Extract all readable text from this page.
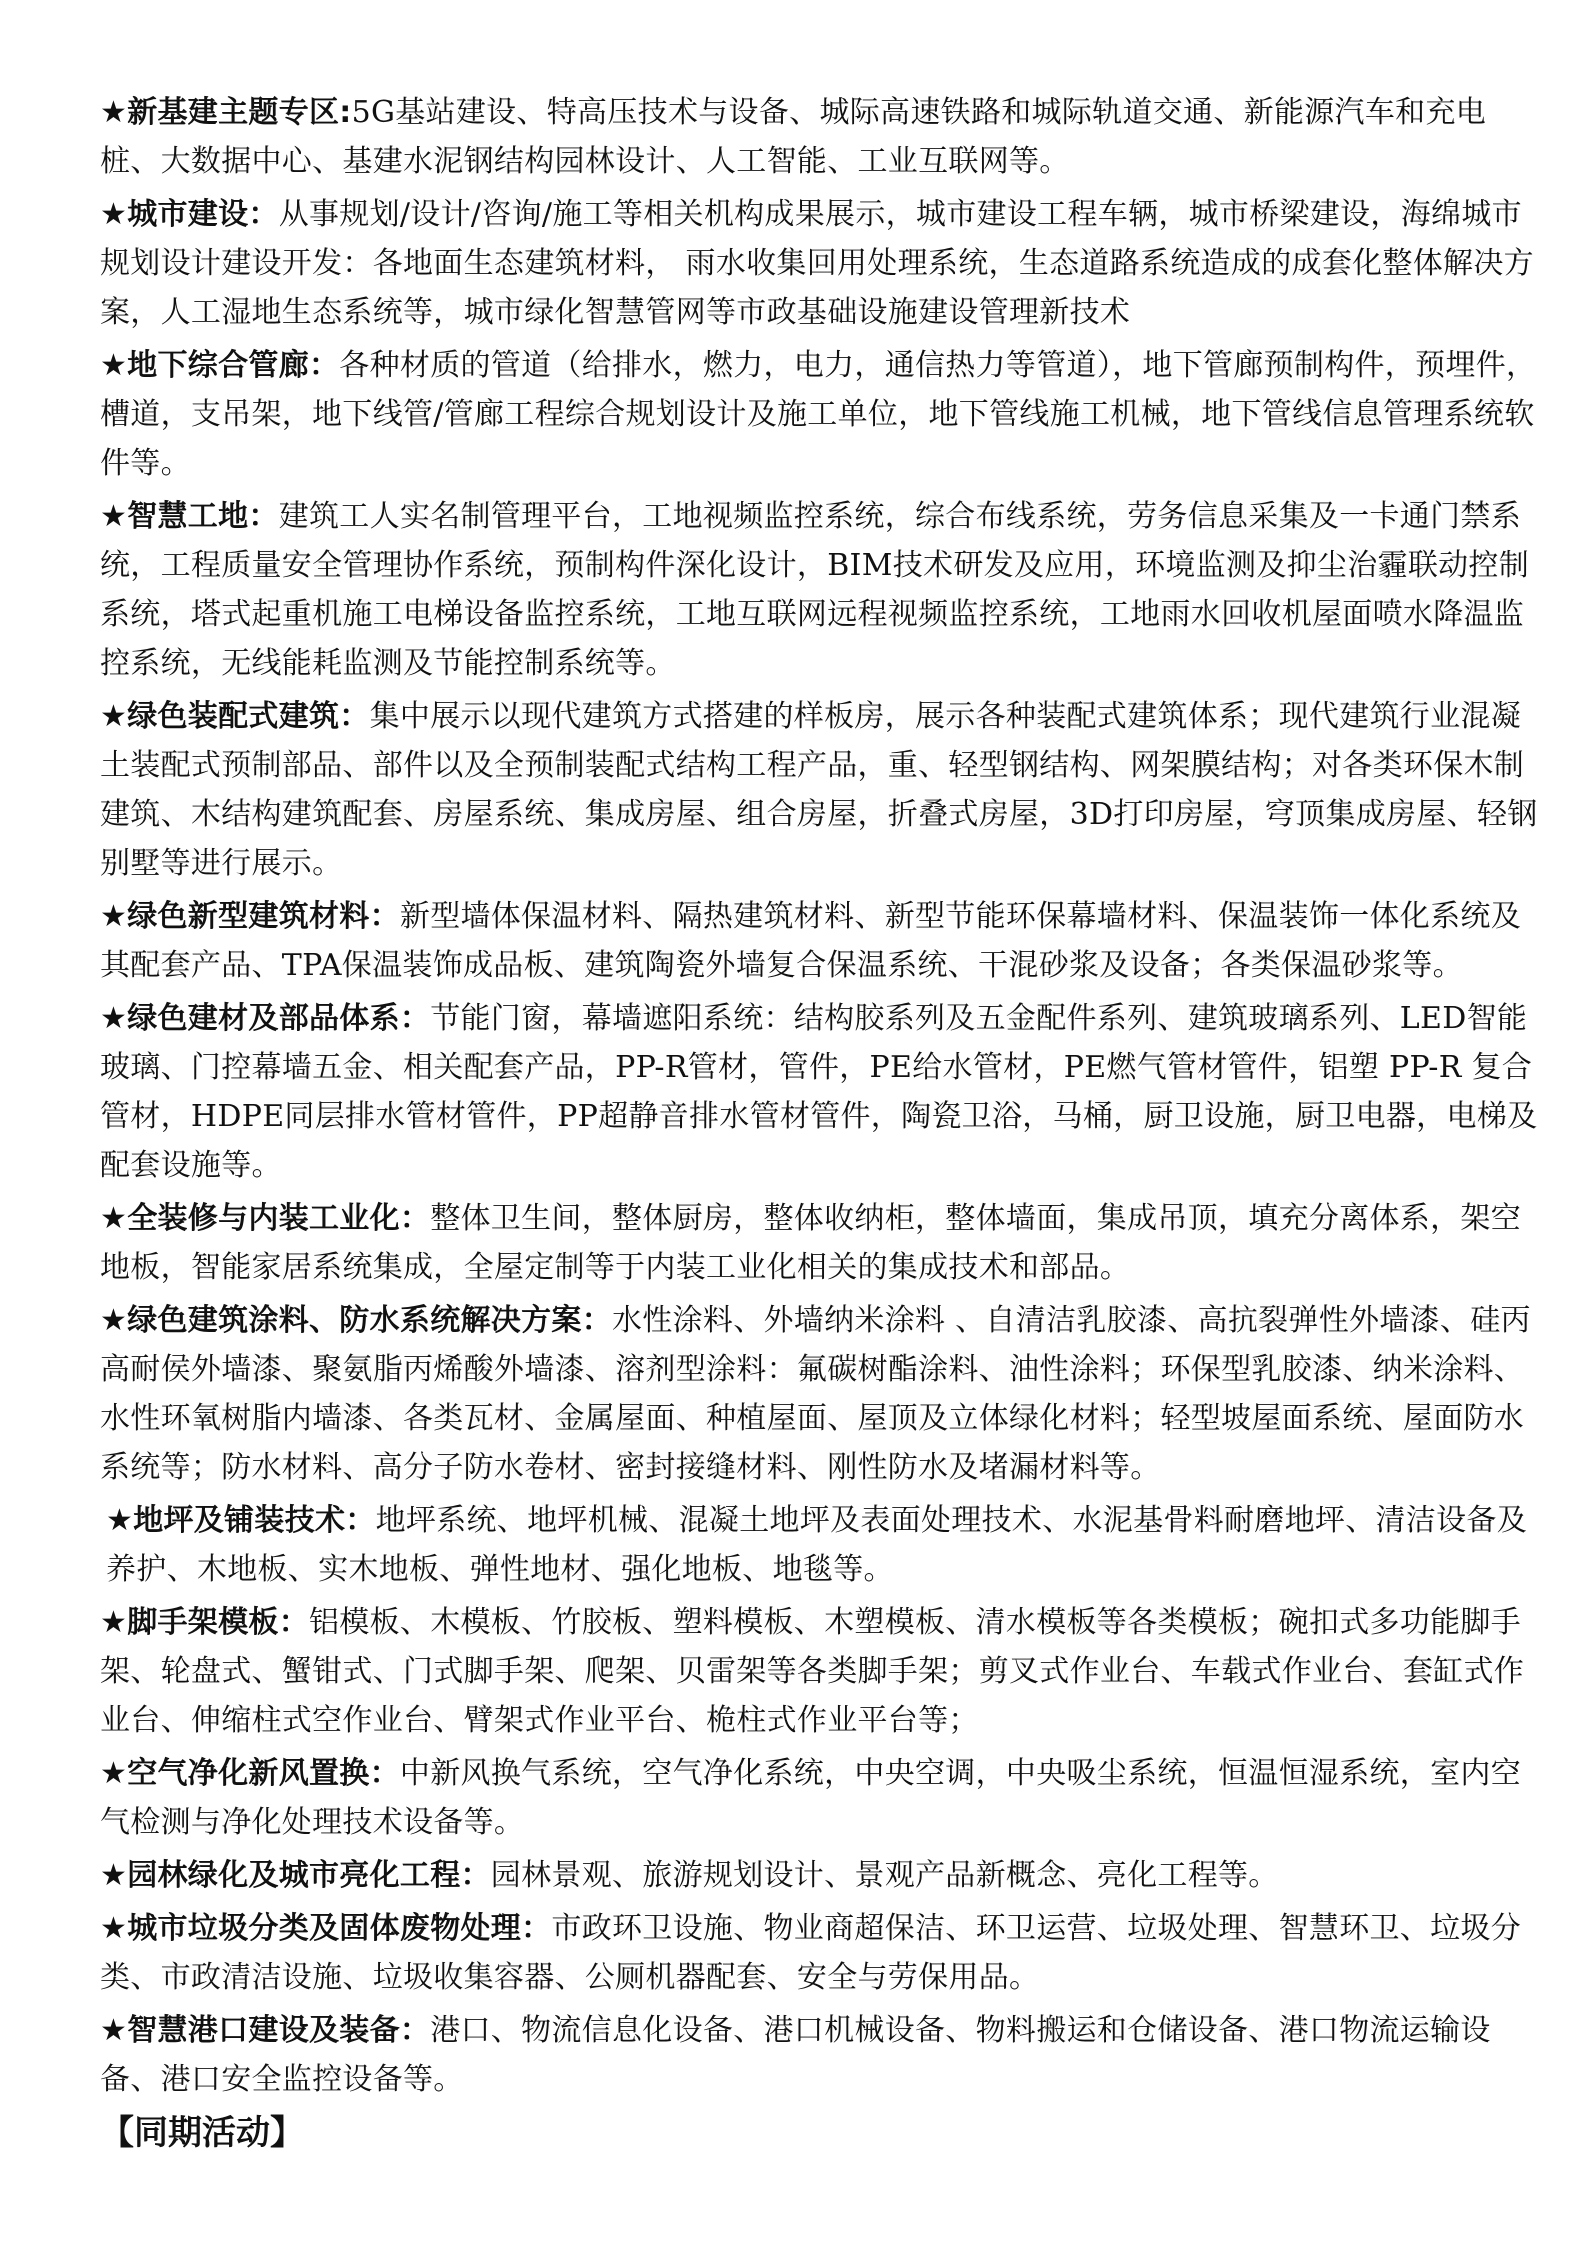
★新基建主题专区:5G基站建设、特高压技术与设备、城际高速铁路和城际轨道交通、新能源汽车和充电桩、大数据中心、基建水泥钢结构园林设计、人工智能、工业互联网等。

★城市建设：从事规划/设计/咨询/施工等相关机构成果展示，城市建设工程车辆，城市桥梁建设，海绵城市规划设计建设开发：各地面生态建筑材料， 雨水收集回用处理系统，生态道路系统造成的成套化整体解决方案，人工湿地生态系统等，城市绿化智慧管网等市政基础设施建设管理新技术

★地下综合管廊：各种材质的管道（给排水，燃力，电力，通信热力等管道），地下管廊预制构件，预埋件，槽道，支吊架，地下线管/管廊工程综合规划设计及施工单位，地下管线施工机械，地下管线信息管理系统软件等。

★智慧工地：建筑工人实名制管理平台，工地视频监控系统，综合布线系统，劳务信息采集及一卡通门禁系统，工程质量安全管理协作系统，预制构件深化设计，BIM技术研发及应用，环境监测及抑尘治霾联动控制系统，塔式起重机施工电梯设备监控系统，工地互联网远程视频监控系统，工地雨水回收机屋面喷水降温监控系统，无线能耗监测及节能控制系统等。

★绿色装配式建筑：集中展示以现代建筑方式搭建的样板房，展示各种装配式建筑体系；现代建筑行业混凝土装配式预制部品、部件以及全预制装配式结构工程产品，重、轻型钢结构、网架膜结构；对各类环保木制建筑、木结构建筑配套、房屋系统、集成房屋、组合房屋，折叠式房屋，3D打印房屋，穹顶集成房屋、轻钢别墅等进行展示。

★绿色新型建筑材料：新型墙体保温材料、隔热建筑材料、新型节能环保幕墙材料、保温装饰一体化系统及其配套产品、TPA保温装饰成品板、建筑陶瓷外墙复合保温系统、干混砂浆及设备；各类保温砂浆等。

★绿色建材及部品体系：节能门窗，幕墙遮阳系统：结构胶系列及五金配件系列、建筑玻璃系列、LED智能玻璃、门控幕墙五金、相关配套产品，PP-R管材，管件，PE给水管材，PE燃气管材管件，铝塑 PP-R 复合管材，HDPE同层排水管材管件，PP超静音排水管材管件，陶瓷卫浴，马桶，厨卫设施，厨卫电器，电梯及配套设施等。

★全装修与内装工业化：整体卫生间，整体厨房，整体收纳柜，整体墙面，集成吊顶，填充分离体系，架空地板，智能家居系统集成，全屋定制等于内装工业化相关的集成技术和部品。

★绿色建筑涂料、防水系统解决方案：水性涂料、外墙纳米涂料 、自清洁乳胶漆、高抗裂弹性外墙漆、硅丙高耐侯外墙漆、聚氨脂丙烯酸外墙漆、溶剂型涂料：氟碳树酯涂料、油性涂料；环保型乳胶漆、纳米涂料、水性环氧树脂内墙漆、各类瓦材、金属屋面、种植屋面、屋顶及立体绿化材料；轻型坡屋面系统、屋面防水系统等；防水材料、高分子防水卷材、密封接缝材料、刚性防水及堵漏材料等。

★地坪及铺装技术：地坪系统、地坪机械、混凝土地坪及表面处理技术、水泥基骨料耐磨地坪、清洁设备及养护、木地板、实木地板、弹性地材、强化地板、地毯等。

★脚手架模板：铝模板、木模板、竹胶板、塑料模板、木塑模板、清水模板等各类模板；碗扣式多功能脚手架、轮盘式、蟹钳式、门式脚手架、爬架、贝雷架等各类脚手架；剪叉式作业台、车载式作业台、套缸式作业台、伸缩柱式空作业台、臂架式作业平台、桅柱式作业平台等；

★空气净化新风置换：中新风换气系统，空气净化系统，中央空调，中央吸尘系统，恒温恒湿系统，室内空气检测与净化处理技术设备等。

★园林绿化及城市亮化工程：园林景观、旅游规划设计、景观产品新概念、亮化工程等。

★城市垃圾分类及固体废物处理：市政环卫设施、物业商超保洁、环卫运营、垃圾处理、智慧环卫、垃圾分类、市政清洁设施、垃圾收集容器、公厕机器配套、安全与劳保用品。

★智慧港口建设及装备：港口、物流信息化设备、港口机械设备、物料搬运和仓储设备、港口物流运输设备、港口安全监控设备等。

【同期活动】
